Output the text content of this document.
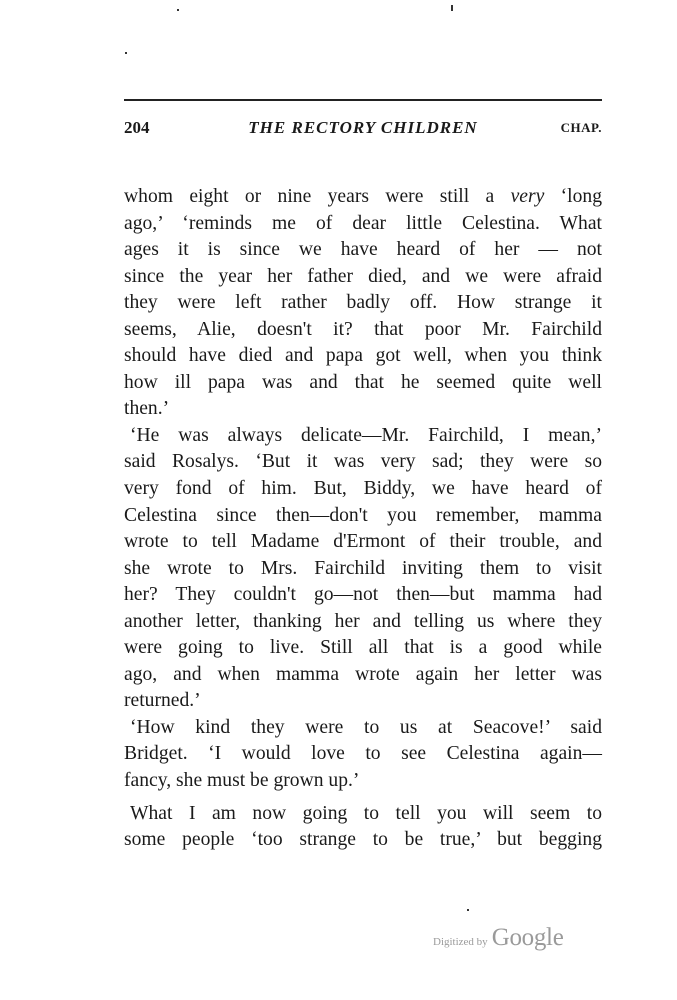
204	THE RECTORY CHILDREN	CHAP.
whom eight or nine years were still a very ‘long
ago,’ ‘reminds me of dear little Celestina. What
ages it is since we have heard of her — not
since the year her father died, and we were afraid
they were left rather badly off. How strange it
seems, Alie, doesn't it? that poor Mr. Fairchild
should have died and papa got well, when you think
how ill papa was and that he seemed quite well
then.’
‘He was always delicate—Mr. Fairchild, I mean,’
said Rosalys. ‘But it was very sad; they were so
very fond of him. But, Biddy, we have heard of
Celestina since then—don't you remember, mamma
wrote to tell Madame d'Ermont of their trouble, and
she wrote to Mrs. Fairchild inviting them to visit
her? They couldn't go—not then—but mamma had
another letter, thanking her and telling us where they
were going to live. Still all that is a good while
ago, and when mamma wrote again her letter was
returned.’
‘How kind they were to us at Seacove!’ said
Bridget. ‘I would love to see Celestina again—
fancy, she must be grown up.’
What I am now going to tell you will seem to
some people ‘too strange to be true,’ but begging
Digitized by Google
